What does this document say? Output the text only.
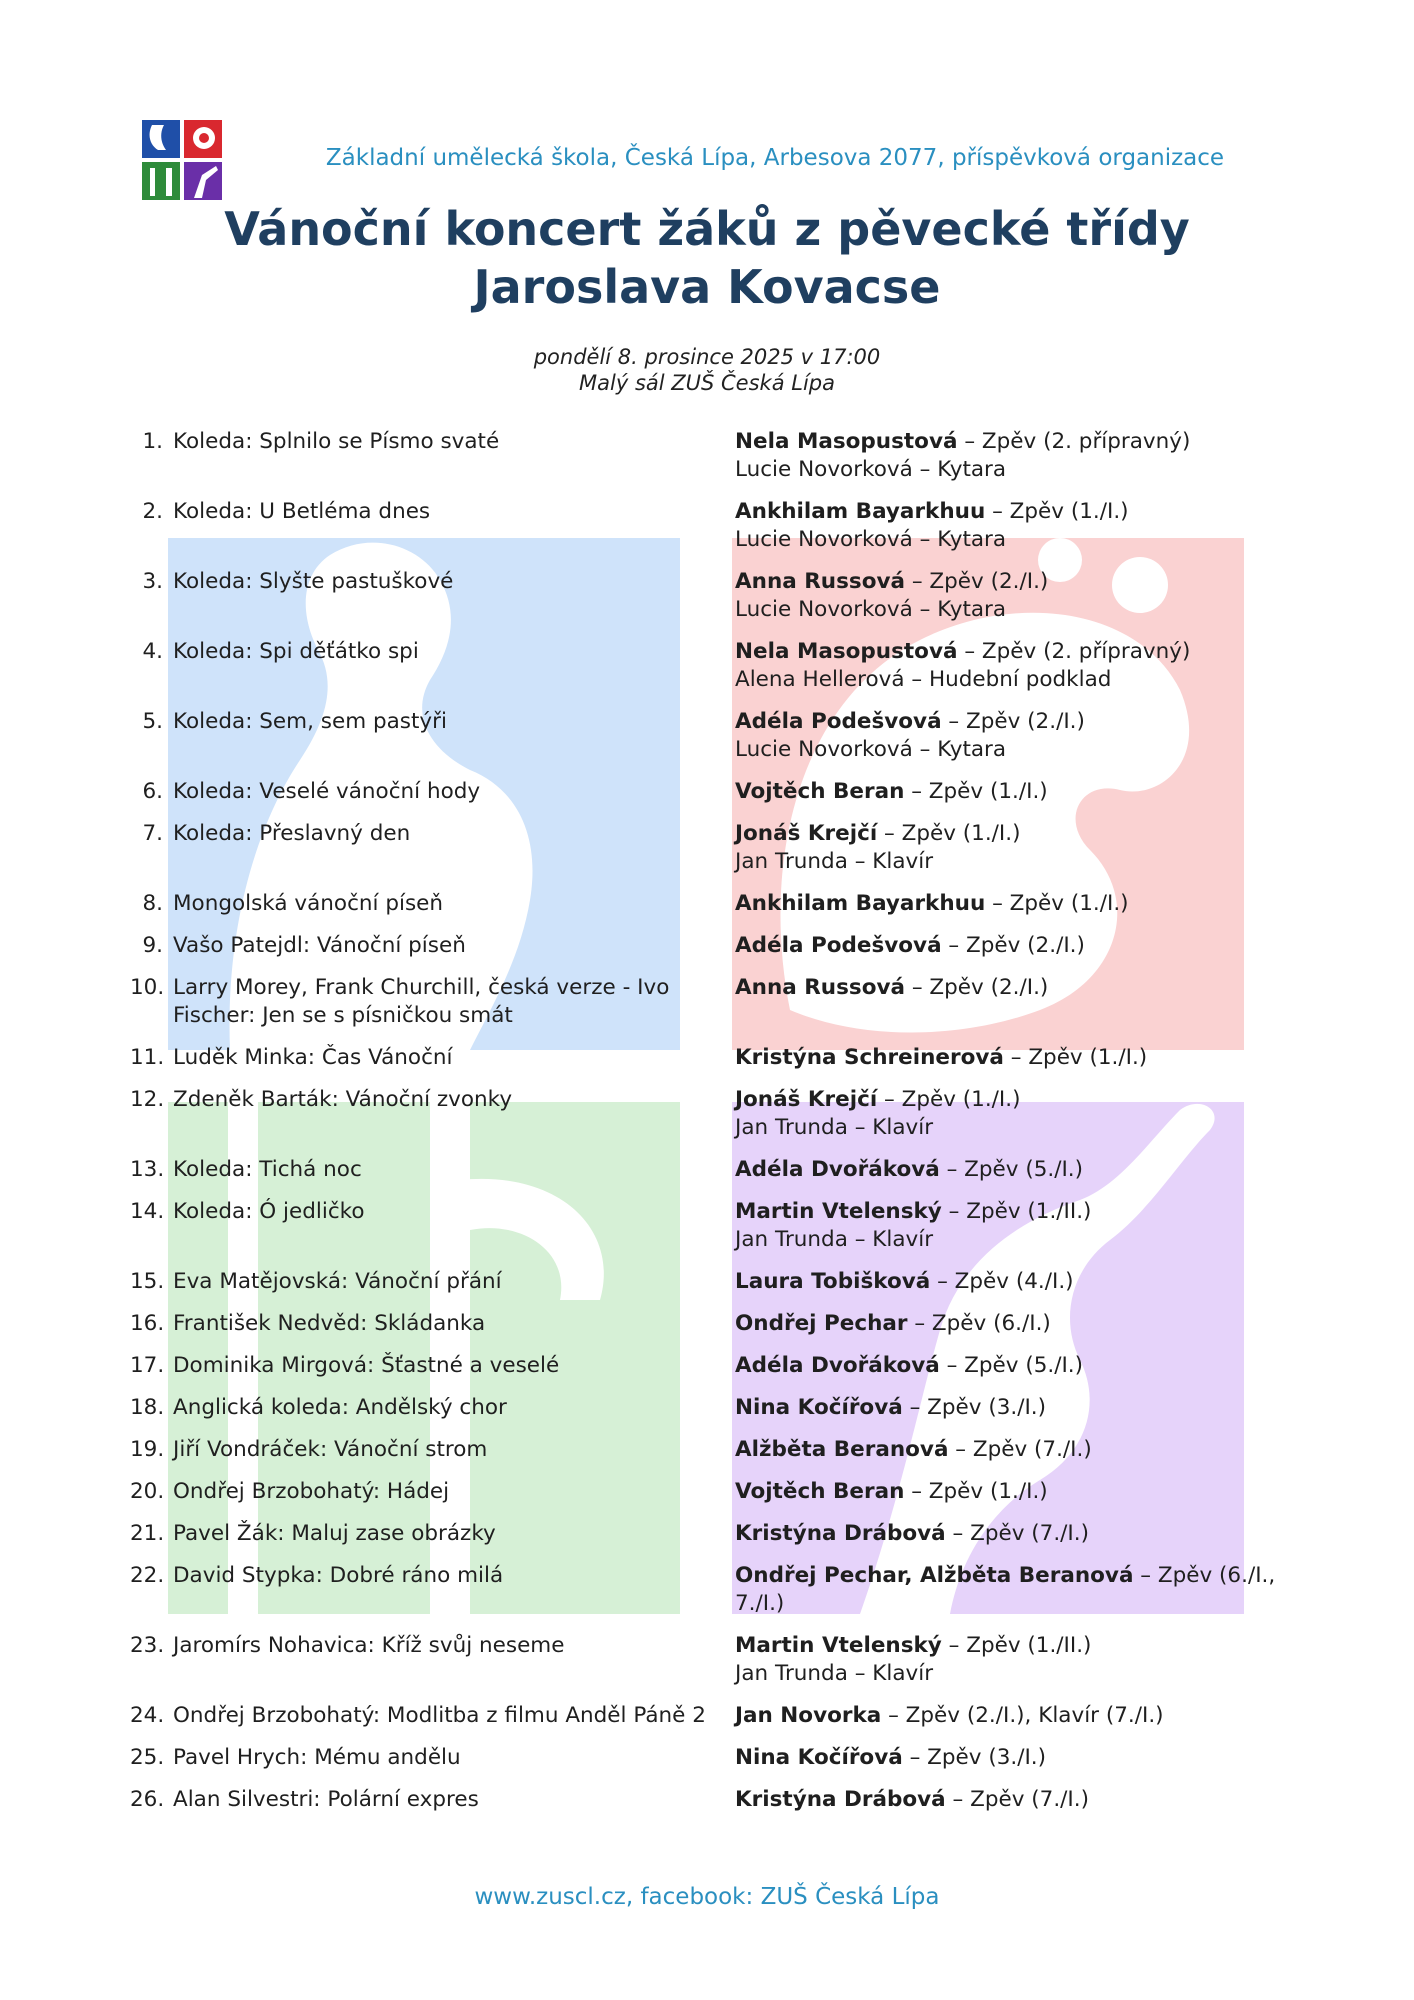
Základní umělecká škola, Česká Lípa, Arbesova 2077, příspěvková organizace
Vánoční koncert žáků z pěvecké třídy
Jaroslava Kovacse
pondělí 8. prosince 2025 v 17:00
Malý sál ZUŠ Česká Lípa
1. Koleda: Splnilo se Písmo svaté	Nela Masopustová – Zpěv (2. přípravný)
Lucie Novorková – Kytara
2. Koleda: U Betléma dnes	Ankhilam Bayarkhuu – Zpěv (1./I.)
Lucie Novorková – Kytara
3. Koleda: Slyšte pastuškové	Anna Russová – Zpěv (2./I.)
Lucie Novorková – Kytara
4. Koleda: Spi děťátko spi	Nela Masopustová – Zpěv (2. přípravný)
Alena Hellerová – Hudební podklad
5. Koleda: Sem, sem pastýři	Adéla Podešvová – Zpěv (2./I.)
Lucie Novorková – Kytara
6. Koleda: Veselé vánoční hody	Vojtěch Beran – Zpěv (1./I.)
7. Koleda: Přeslavný den	Jonáš Krejčí – Zpěv (1./I.)
Jan Trunda – Klavír
8. Mongolská vánoční píseň	Ankhilam Bayarkhuu – Zpěv (1./I.)
9. Vašo Patejdl: Vánoční píseň	Adéla Podešvová – Zpěv (2./I.)
10. Larry Morey, Frank Churchill, česká verze - Ivo Fischer: Jen se s písničkou smát
Anna Russová – Zpěv (2./I.)
11. Luděk Minka: Čas Vánoční	Kristýna Schreinerová – Zpěv (1./I.)
12. Zdeněk Barták: Vánoční zvonky	Jonáš Krejčí – Zpěv (1./I.)
Jan Trunda – Klavír
13. Koleda: Tichá noc	Adéla Dvořáková – Zpěv (5./I.)
14. Koleda: Ó jedličko	Martin Vtelenský – Zpěv (1./II.)
Jan Trunda – Klavír
15. Eva Matějovská: Vánoční přání	Laura Tobišková – Zpěv (4./I.)
16. František Nedvěd: Skládanka	Ondřej Pechar – Zpěv (6./I.)
17. Dominika Mirgová: Šťastné a veselé	Adéla Dvořáková – Zpěv (5./I.)
18. Anglická koleda: Andělský chor	Nina Kočířová – Zpěv (3./I.)
19. Jiří Vondráček: Vánoční strom	Alžběta Beranová – Zpěv (7./I.)
20. Ondřej Brzobohatý: Hádej	Vojtěch Beran – Zpěv (1./I.)
21. Pavel Žák: Maluj zase obrázky	Kristýna Drábová – Zpěv (7./I.)
22. David Stypka: Dobré ráno milá	Ondřej Pechar, Alžběta Beranová – Zpěv (6./I., 7./I.)
23. Jaromírs Nohavica: Kříž svůj neseme	Martin Vtelenský – Zpěv (1./II.)
Jan Trunda – Klavír
24. Ondřej Brzobohatý: Modlitba z filmu Anděl Páně 2	Jan Novorka – Zpěv (2./I.), Klavír (7./I.)
25. Pavel Hrych: Mému andělu	Nina Kočířová – Zpěv (3./I.)
26. Alan Silvestri: Polární expres	Kristýna Drábová – Zpěv (7./I.)
www.zuscl.cz, facebook: ZUŠ Česká Lípa
